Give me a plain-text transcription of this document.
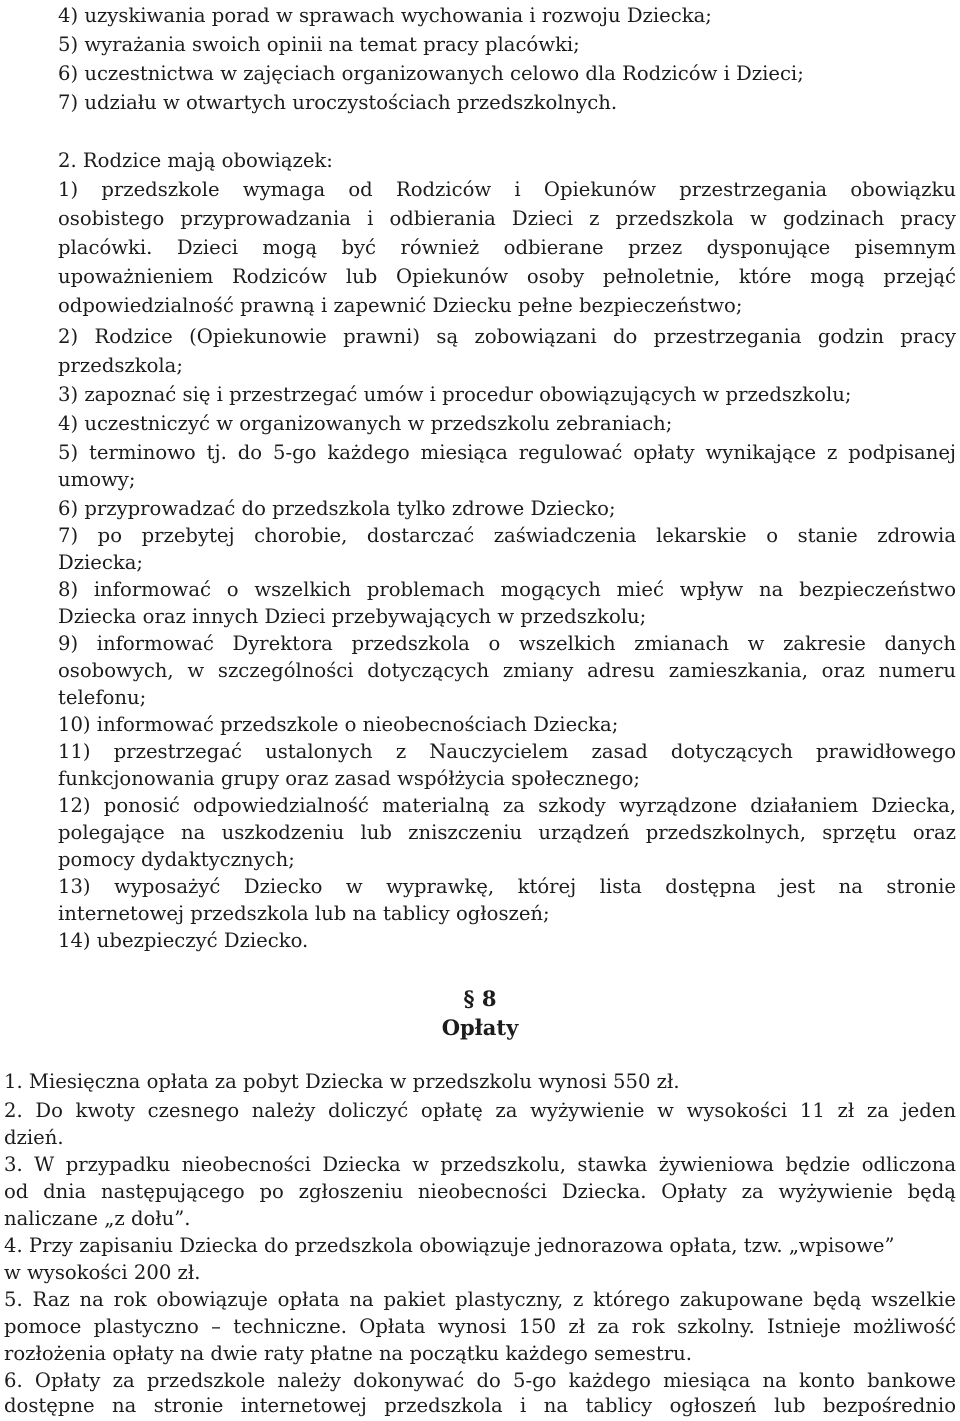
4) uzyskiwania porad w sprawach wychowania i rozwoju Dziecka;
5) wyrażania swoich opinii na temat pracy placówki;
6) uczestnictwa w zajęciach organizowanych celowo dla Rodziców i Dzieci;
7) udziału w otwartych uroczystościach przedszkolnych.
2. Rodzice mają obowiązek:
1) przedszkole wymaga od Rodziców i Opiekunów przestrzegania obowiązku
osobistego przyprowadzania i odbierania Dzieci z przedszkola w godzinach pracy
placówki. Dzieci mogą być również odbierane przez dysponujące pisemnym
upoważnieniem Rodziców lub Opiekunów osoby pełnoletnie, które mogą przejąć
odpowiedzialność prawną i zapewnić Dziecku pełne bezpieczeństwo;
2) Rodzice (Opiekunowie prawni) są zobowiązani do przestrzegania godzin pracy
przedszkola;
3) zapoznać się i przestrzegać umów i procedur obowiązujących w przedszkolu;
4) uczestniczyć w organizowanych w przedszkolu zebraniach;
5) terminowo tj. do 5-go każdego miesiąca regulować opłaty wynikające z podpisanej
umowy;
6) przyprowadzać do przedszkola tylko zdrowe Dziecko;
7) po przebytej chorobie, dostarczać zaświadczenia lekarskie o stanie zdrowia
Dziecka;
8) informować o wszelkich problemach mogących mieć wpływ na bezpieczeństwo
Dziecka oraz innych Dzieci przebywających w przedszkolu;
9) informować Dyrektora przedszkola o wszelkich zmianach w zakresie danych
osobowych, w szczególności dotyczących zmiany adresu zamieszkania, oraz numeru
telefonu;
10) informować przedszkole o nieobecnościach Dziecka;
11) przestrzegać ustalonych z Nauczycielem zasad dotyczących prawidłowego
funkcjonowania grupy oraz zasad współżycia społecznego;
12) ponosić odpowiedzialność materialną za szkody wyrządzone działaniem Dziecka,
polegające na uszkodzeniu lub zniszczeniu urządzeń przedszkolnych, sprzętu oraz
pomocy dydaktycznych;
13) wyposażyć Dziecko w wyprawkę, której lista dostępna jest na stronie
internetowej przedszkola lub na tablicy ogłoszeń;
14) ubezpieczyć Dziecko.
§ 8
Opłaty
1. Miesięczna opłata za pobyt Dziecka w przedszkolu wynosi 550 zł.
2. Do kwoty czesnego należy doliczyć opłatę za wyżywienie w wysokości 11 zł za jeden
dzień.
3. W przypadku nieobecności Dziecka w przedszkolu, stawka żywieniowa będzie odliczona
od dnia następującego po zgłoszeniu nieobecności Dziecka. Opłaty za wyżywienie będą
naliczane „z dołu”.
4. Przy zapisaniu Dziecka do przedszkola obowiązuje jednorazowa opłata, tzw. „wpisowe”
w wysokości 200 zł.
5. Raz na rok obowiązuje opłata na pakiet plastyczny, z którego zakupowane będą wszelkie
pomoce plastyczno – techniczne. Opłata wynosi 150 zł za rok szkolny. Istnieje możliwość
rozłożenia opłaty na dwie raty płatne na początku każdego semestru.
6. Opłaty za przedszkole należy dokonywać do 5-go każdego miesiąca na konto bankowe
dostępne na stronie internetowej przedszkola i na tablicy ogłoszeń lub bezpośrednio
